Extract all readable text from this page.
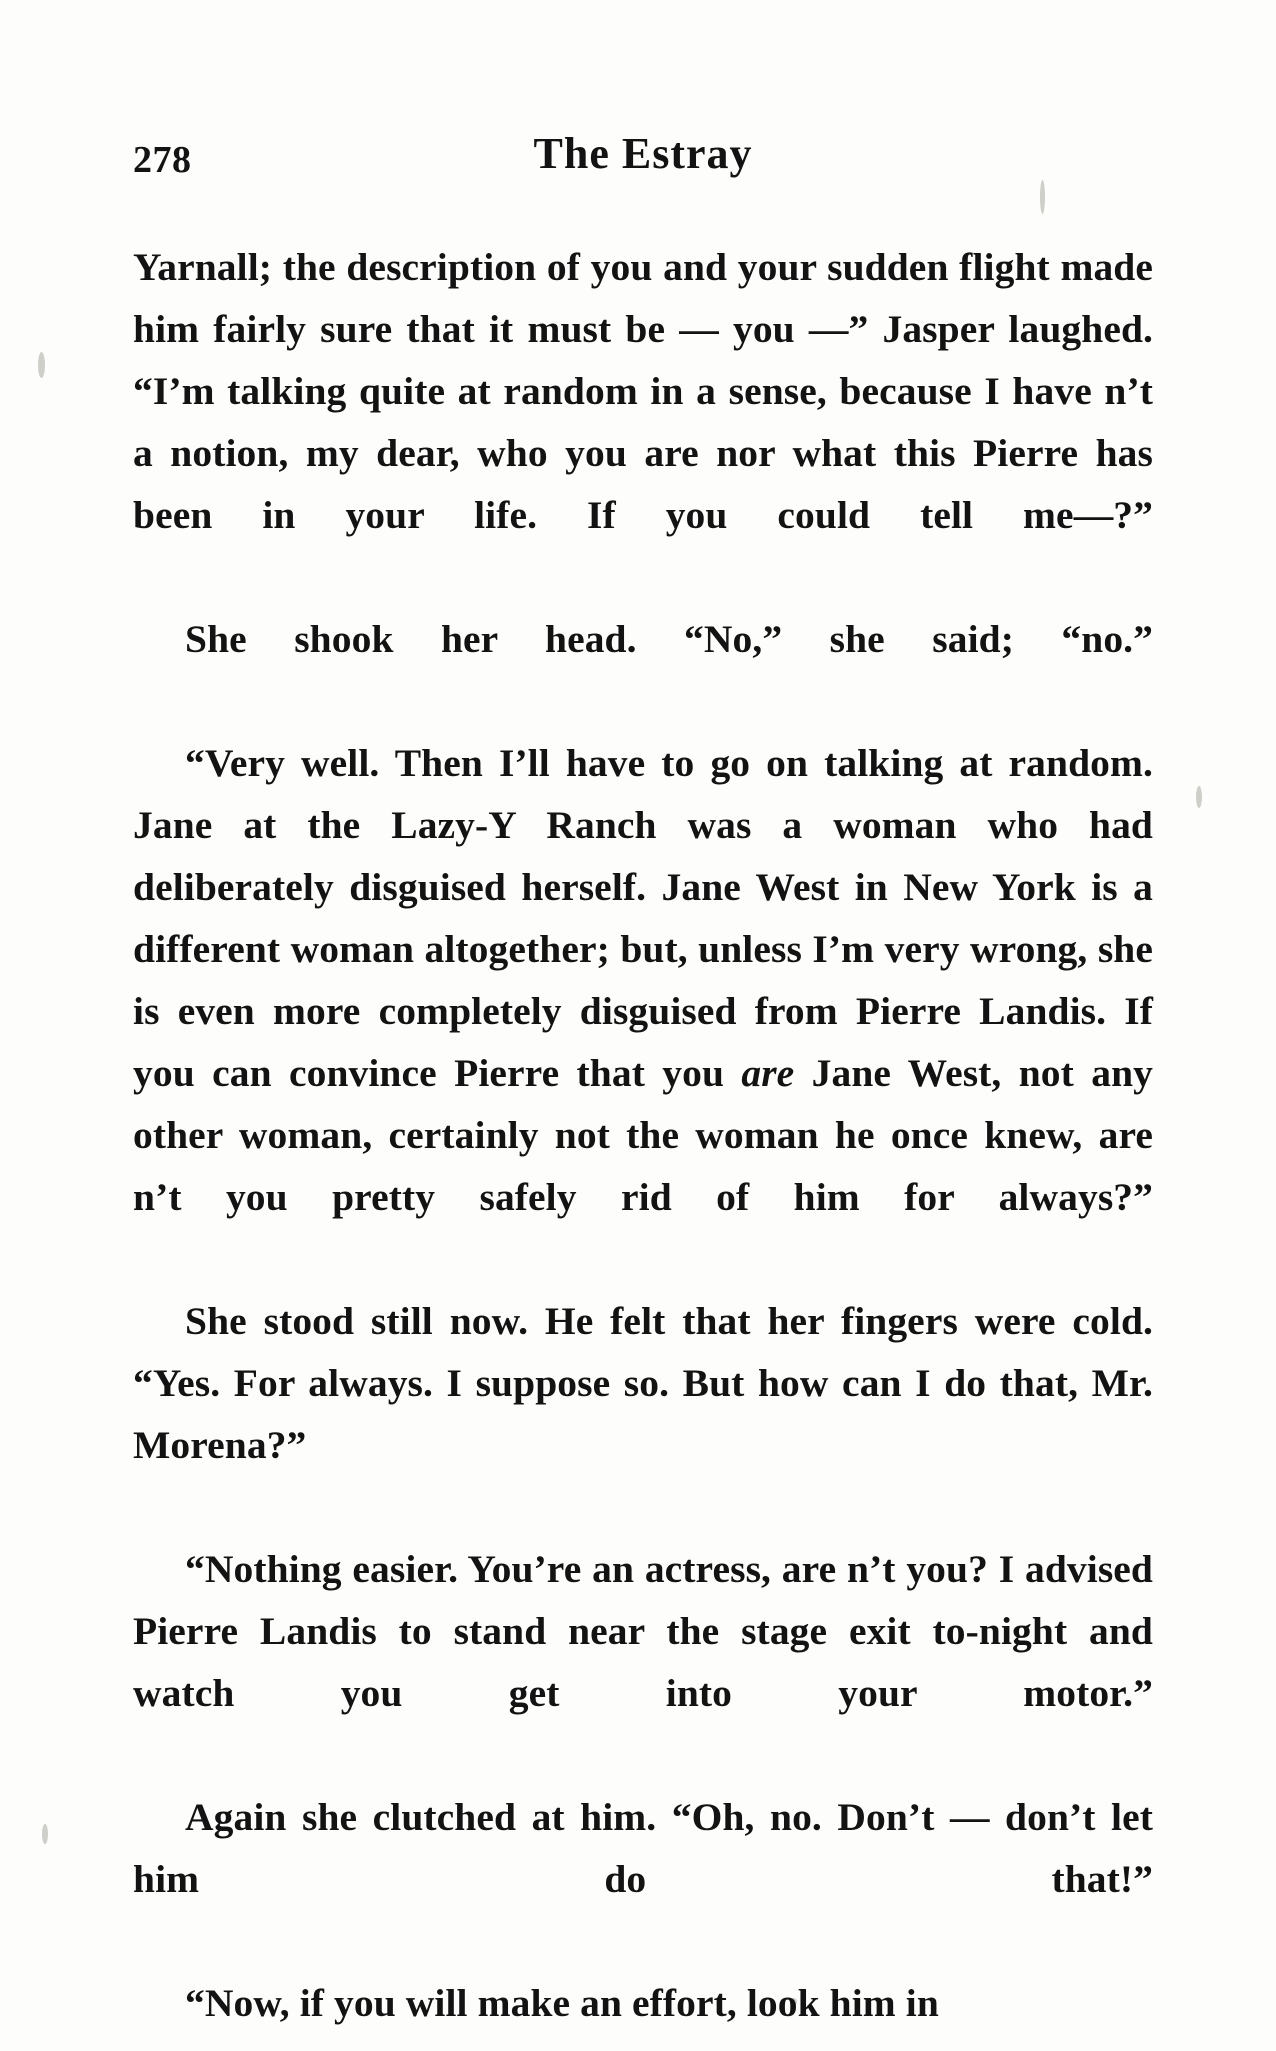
278	The Estray

Yarnall; the description of you and your sudden flight made him fairly sure that it must be — you —” Jasper laughed. “I’m talking quite at random in a sense, because I have n’t a notion, my dear, who you are nor what this Pierre has been in your life. If you could tell me—?”

She shook her head. “No,” she said; “no.”

“Very well. Then I’ll have to go on talking at random. Jane at the Lazy-Y Ranch was a woman who had deliberately disguised herself. Jane West in New York is a different woman altogether; but, unless I’m very wrong, she is even more completely disguised from Pierre Landis. If you can convince Pierre that you are Jane West, not any other woman, certainly not the woman he once knew, are n’t you pretty safely rid of him for always?”

She stood still now. He felt that her fingers were cold. “Yes. For always. I suppose so. But how can I do that, Mr. Morena?”

“Nothing easier. You’re an actress, are n’t you? I advised Pierre Landis to stand near the stage exit to-night and watch you get into your motor.”

Again she clutched at him. “Oh, no. Don’t — don’t let him do that!”

“Now, if you will make an effort, look him in
